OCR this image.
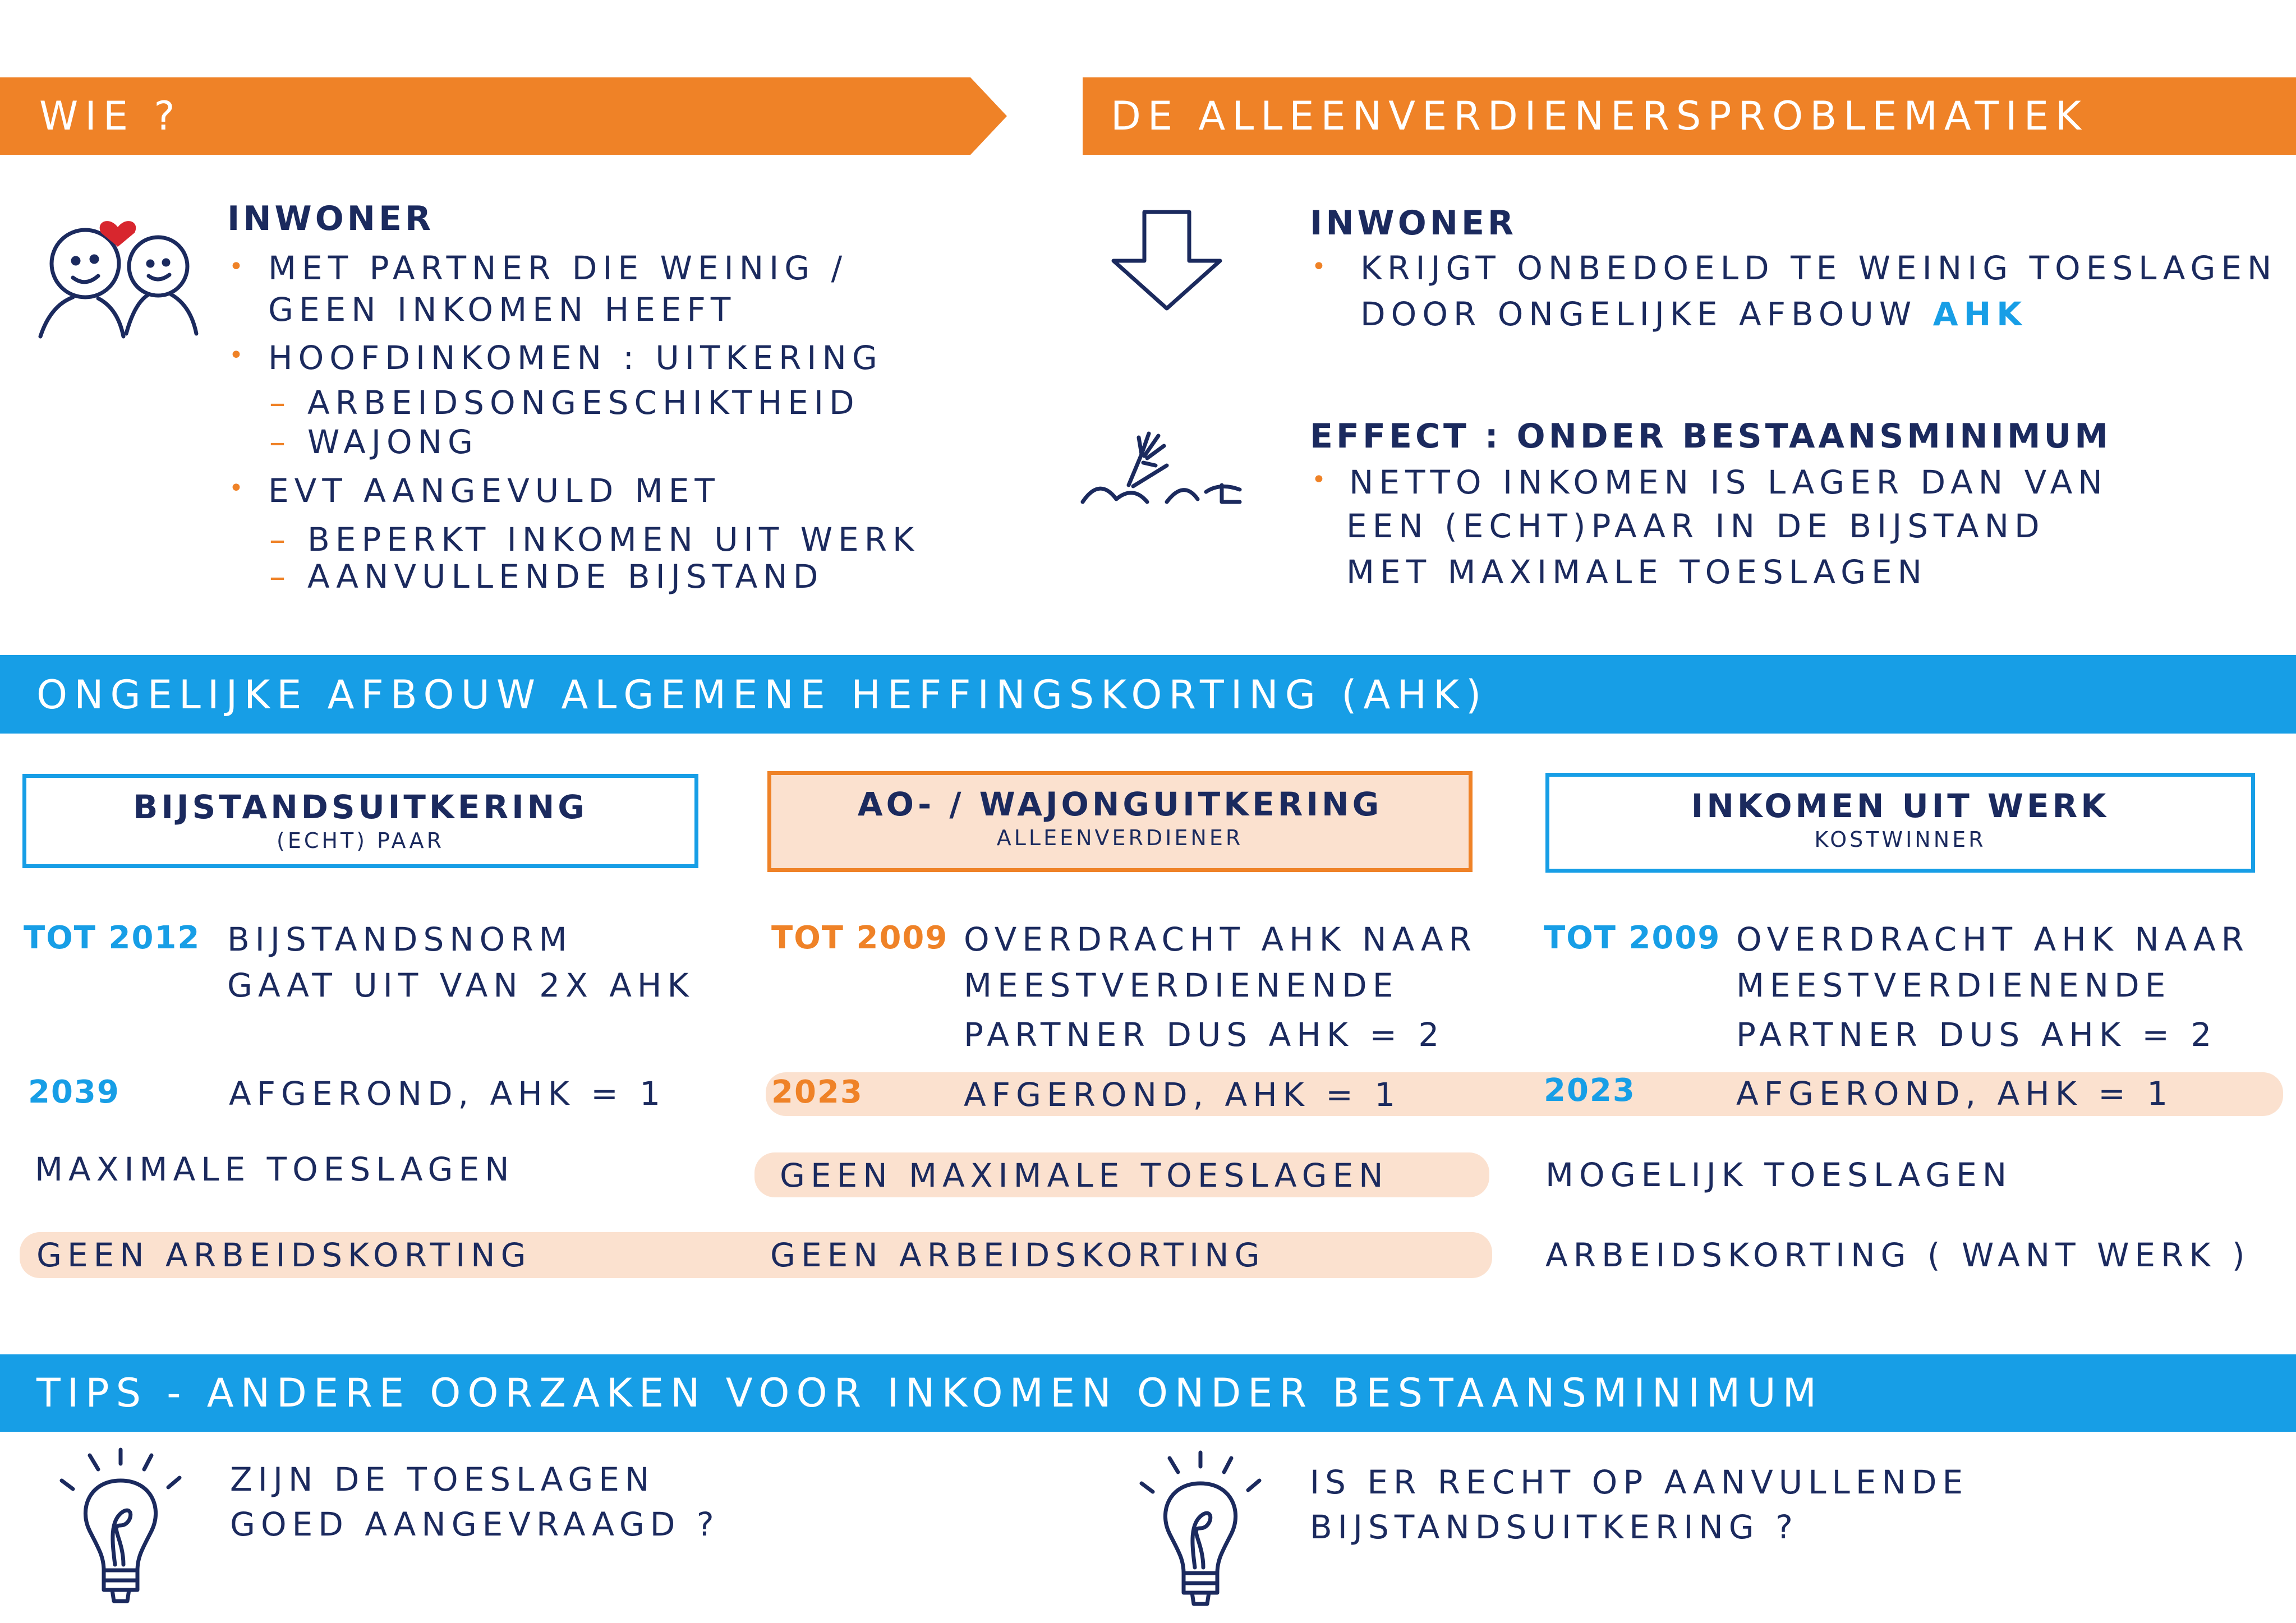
WIE ?
INWONER
• MET PARTNER DIE WEINIG /
GEEN INKOMEN HEEFT
• HOOFDINKOMEN : UITKERING
– ARBEIDSONGESCHIKTHEID
– WAJONG
• EVT AANGEVULD MET
– BEPERKT INKOMEN UIT WERK
– AANVULLENDE BIJSTAND
DE ALLEENVERDIENERSPROBLEMATIEK
INWONER
• KRIJGT ONBEDOELD TE WEINIG TOESLAGEN
DOOR ONGELIJKE AFBOUW AHK
EFFECT : ONDER BESTAANSMINIMUM
• NETTO INKOMEN IS LAGER DAN VAN
EEN (ECHT)PAAR IN DE BIJSTAND
MET MAXIMALE TOESLAGEN
ONGELIJKE AFBOUW ALGEMENE HEFFINGSKORTING (AHK)
BIJSTANDSUITKERING
(ECHT) PAAR
AO- / WAJONGUITKERING
ALLEENVERDIENER
INKOMEN UIT WERK
KOSTWINNER
TOT 2012 BIJSTANDSNORM
GAAT UIT VAN 2X AHK
2039	AFGEROND, AHK = 1
MAXIMALE TOESLAGEN
GEEN ARBEIDSKORTING
TOT 2009 OVERDRACHT AHK NAAR
MEESTVERDIENENDE
PARTNER DUS AHK = 2
2023	AFGEROND, AHK = 1
GEEN MAXIMALE TOESLAGEN
GEEN ARBEIDSKORTING
TOT 2009 OVERDRACHT AHK NAAR
MEESTVERDIENENDE
PARTNER DUS AHK = 2
2023	AFGEROND, AHK = 1
MOGELIJK TOESLAGEN
ARBEIDSKORTING ( WANT WERK )
TIPS - ANDERE OORZAKEN VOOR INKOMEN ONDER BESTAANSMINIMUM
ZIJN DE TOESLAGEN
GOED AANGEVRAAGD ?
IS ER RECHT OP AANVULLENDE
BIJSTANDSUITKERING ?
